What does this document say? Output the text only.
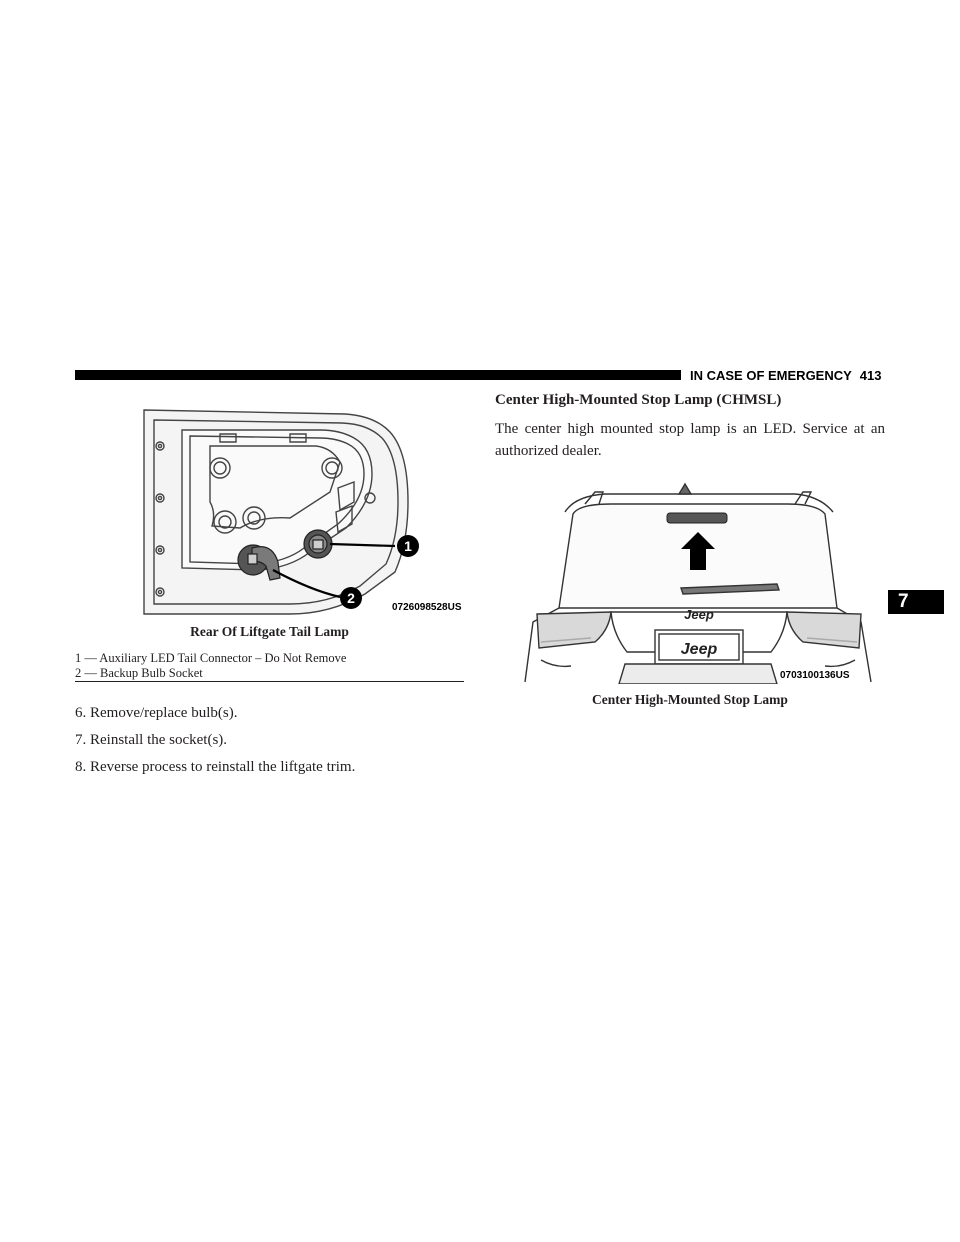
IN CASE OF EMERGENCY 413
7
1
2
0726098528US
Rear Of Liftgate Tail Lamp
1 — Auxiliary LED Tail Connector – Do Not Remove
2 — Backup Bulb Socket
6. Remove/replace bulb(s).
7. Reinstall the socket(s).
8. Reverse process to reinstall the liftgate trim.
Center High-Mounted Stop Lamp (CHMSL)
The center high mounted stop lamp is an LED. Service at an authorized dealer.
Jeep
Jeep
0703100136US
Center High-Mounted Stop Lamp
